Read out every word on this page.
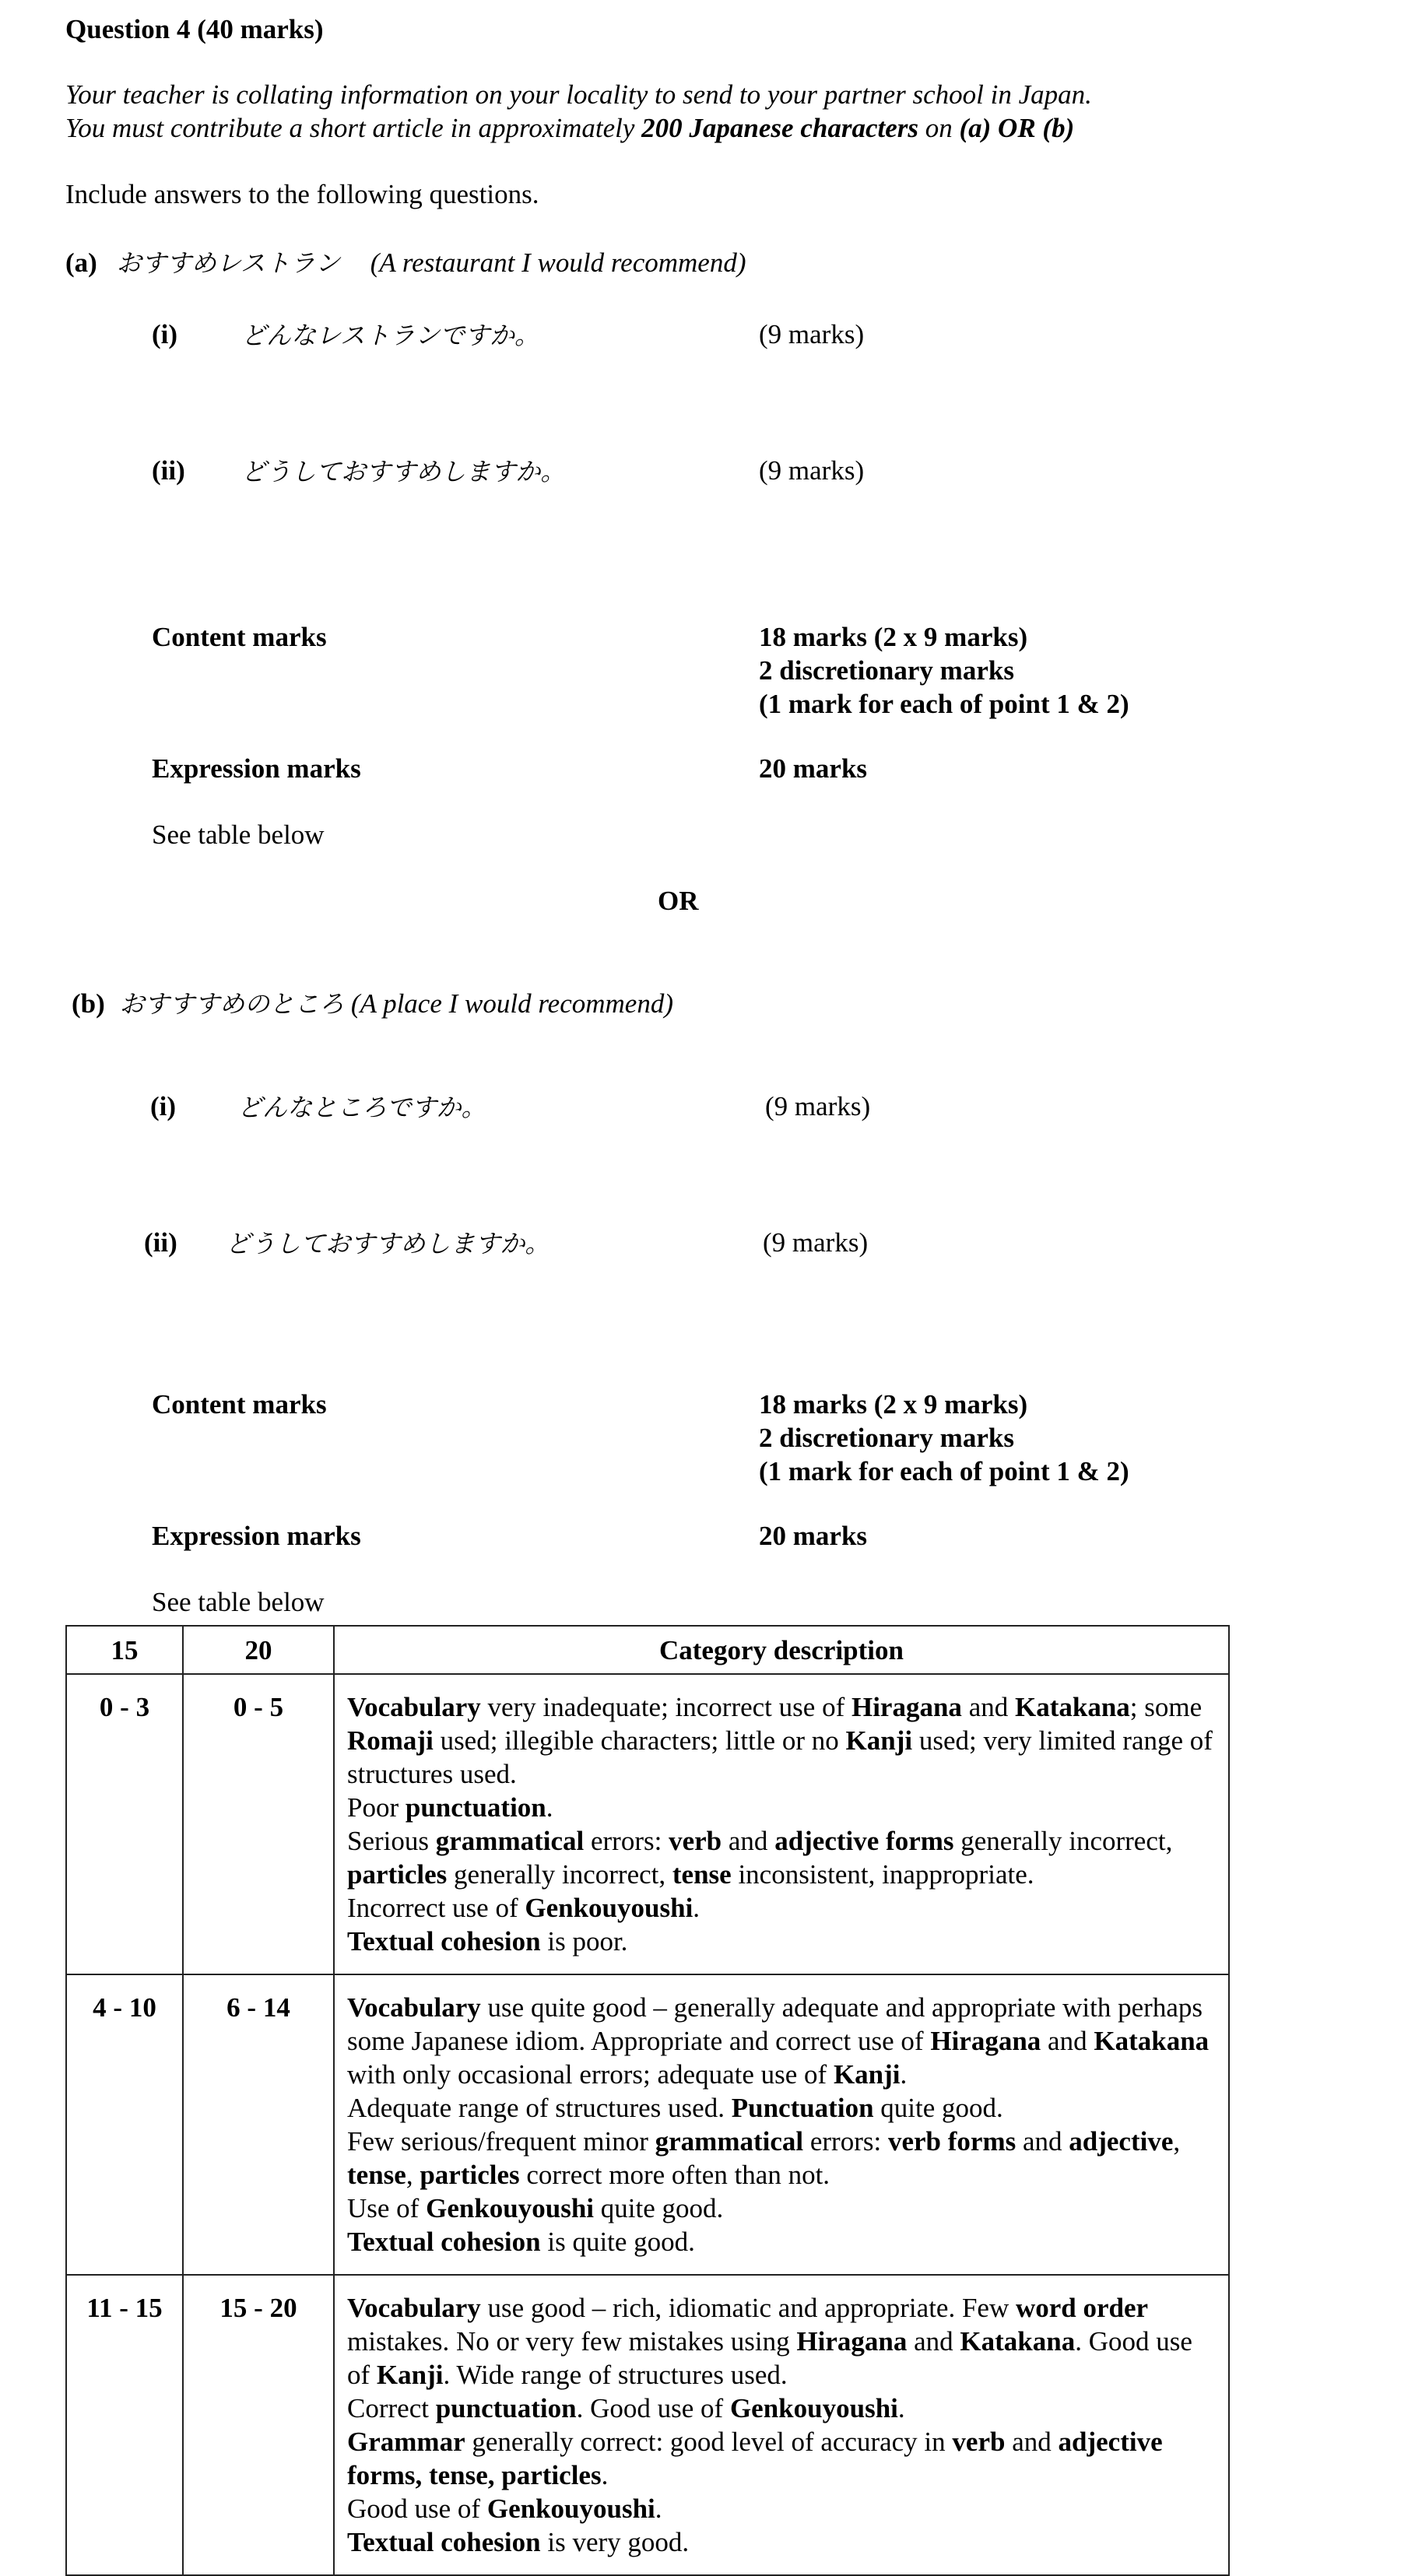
Question 4 (40 marks)
Your teacher is collating information on your locality to send to your partner school in Japan.
You must contribute a short article in approximately 200 Japanese characters on (a) OR (b)
Include answers to the following questions.
(a) おすすめレストラン (A restaurant I would recommend)
(i)	どんなレストランですか。	(9 marks)
(ii) どうしておすすめしますか。	(9 marks)
Content marks	18 marks (2 x 9 marks)
2 discretionary marks
(1 mark for each of point 1 & 2)
Expression marks	20 marks
See table below
OR
(b) おすすすめのところ (A place I would recommend)
(i) どんなところですか。	(9 marks)
(ii) どうしておすすめしますか。	(9 marks)
Content marks	18 marks (2 x 9 marks)
2 discretionary marks
(1 mark for each of point 1 & 2)
Expression marks	20 marks
See table below
15	20	Category description
0 - 3	0 - 5	Vocabulary very inadequate; incorrect use of Hiragana and Katakana; some Romaji used; illegible characters; little or no Kanji used; very limited range of structures used.

Poor punctuation.

Serious grammatical errors: verb and adjective forms generally incorrect, particles generally incorrect, tense inconsistent, inappropriate.

Incorrect use of Genkouyoushi.

Textual cohesion is poor.

4 - 10	6 - 14	Vocabulary use quite good – generally adequate and appropriate with perhaps some Japanese idiom. Appropriate and correct use of Hiragana and Katakana with only occasional errors; adequate use of Kanji.

Adequate range of structures used. Punctuation quite good.

Few serious/frequent minor grammatical errors: verb forms and adjective, tense, particles correct more often than not.

Use of Genkouyoushi quite good.

Textual cohesion is quite good.

11 - 15	15 - 20	Vocabulary use good – rich, idiomatic and appropriate. Few word order mistakes. No or very few mistakes using Hiragana and Katakana. Good use of Kanji. Wide range of structures used.

Correct punctuation. Good use of Genkouyoushi.

Grammar generally correct: good level of accuracy in verb and adjective forms, tense, particles.

Good use of Genkouyoushi.

Textual cohesion is very good.
